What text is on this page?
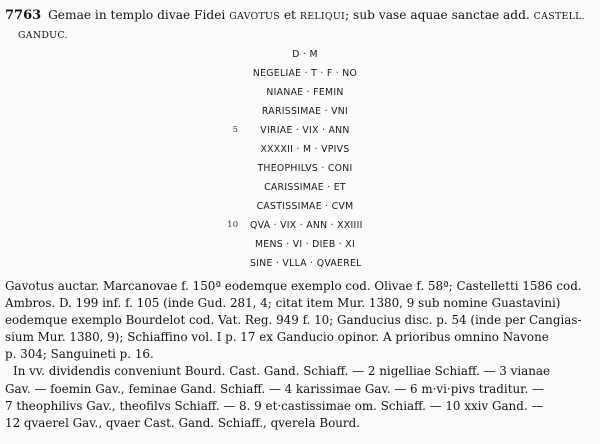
7763 Gemae in templo divae Fidei GAVOTUS et RELIQUI; sub vase aquae sanctae add. CASTELL.
GANDUC.
D · M
NEGELIAE · T · F · NO
NIANAE · FEMIN
RARISSIMAE · VNI
5	VIRIAE · VIX · ANN
XXXXII · M · VPIVS
THEOPHILVS · CONI
CARISSIMAE · ET
CASTISSIMAE · CVM
10 QVA · VIX · ANN · XXIIII
MENS · VI · DIEB · XI
SINE · VLLA · QVAEREL
Gavotus auctar. Marcanovae f. 150ª eodemque exemplo cod. Olivae f. 58ª; Castelletti 1586 cod.
Ambros. D. 199 inf. f. 105 (inde Gud. 281, 4; citat item Mur. 1380, 9 sub nomine Guastavini)
eodemque exemplo Bourdelot cod. Vat. Reg. 949 f. 10; Ganducius disc. p. 54 (inde per Cangias-
sium Mur. 1380, 9); Schiaffino vol. I p. 17 ex Ganducio opinor. A prioribus omnino Navone
p. 304; Sanguineti p. 16.
In vv. dividendis conveniunt Bourd. Cast. Gand. Schiaff. — 2 nigelliae Schiaff. — 3 vianae
Gav. — foemin Gav., feminae Gand. Schiaff. — 4 karissimae Gav. — 6 m·vi·pivs traditur. —
7 theophilivs Gav., theofilvs Schiaff. — 8. 9 et·castissimae om. Schiaff. — 10 xxiv Gand. —
12 qvaerel Gav., qvaer Cast. Gand. Schiaff., qverela Bourd.
